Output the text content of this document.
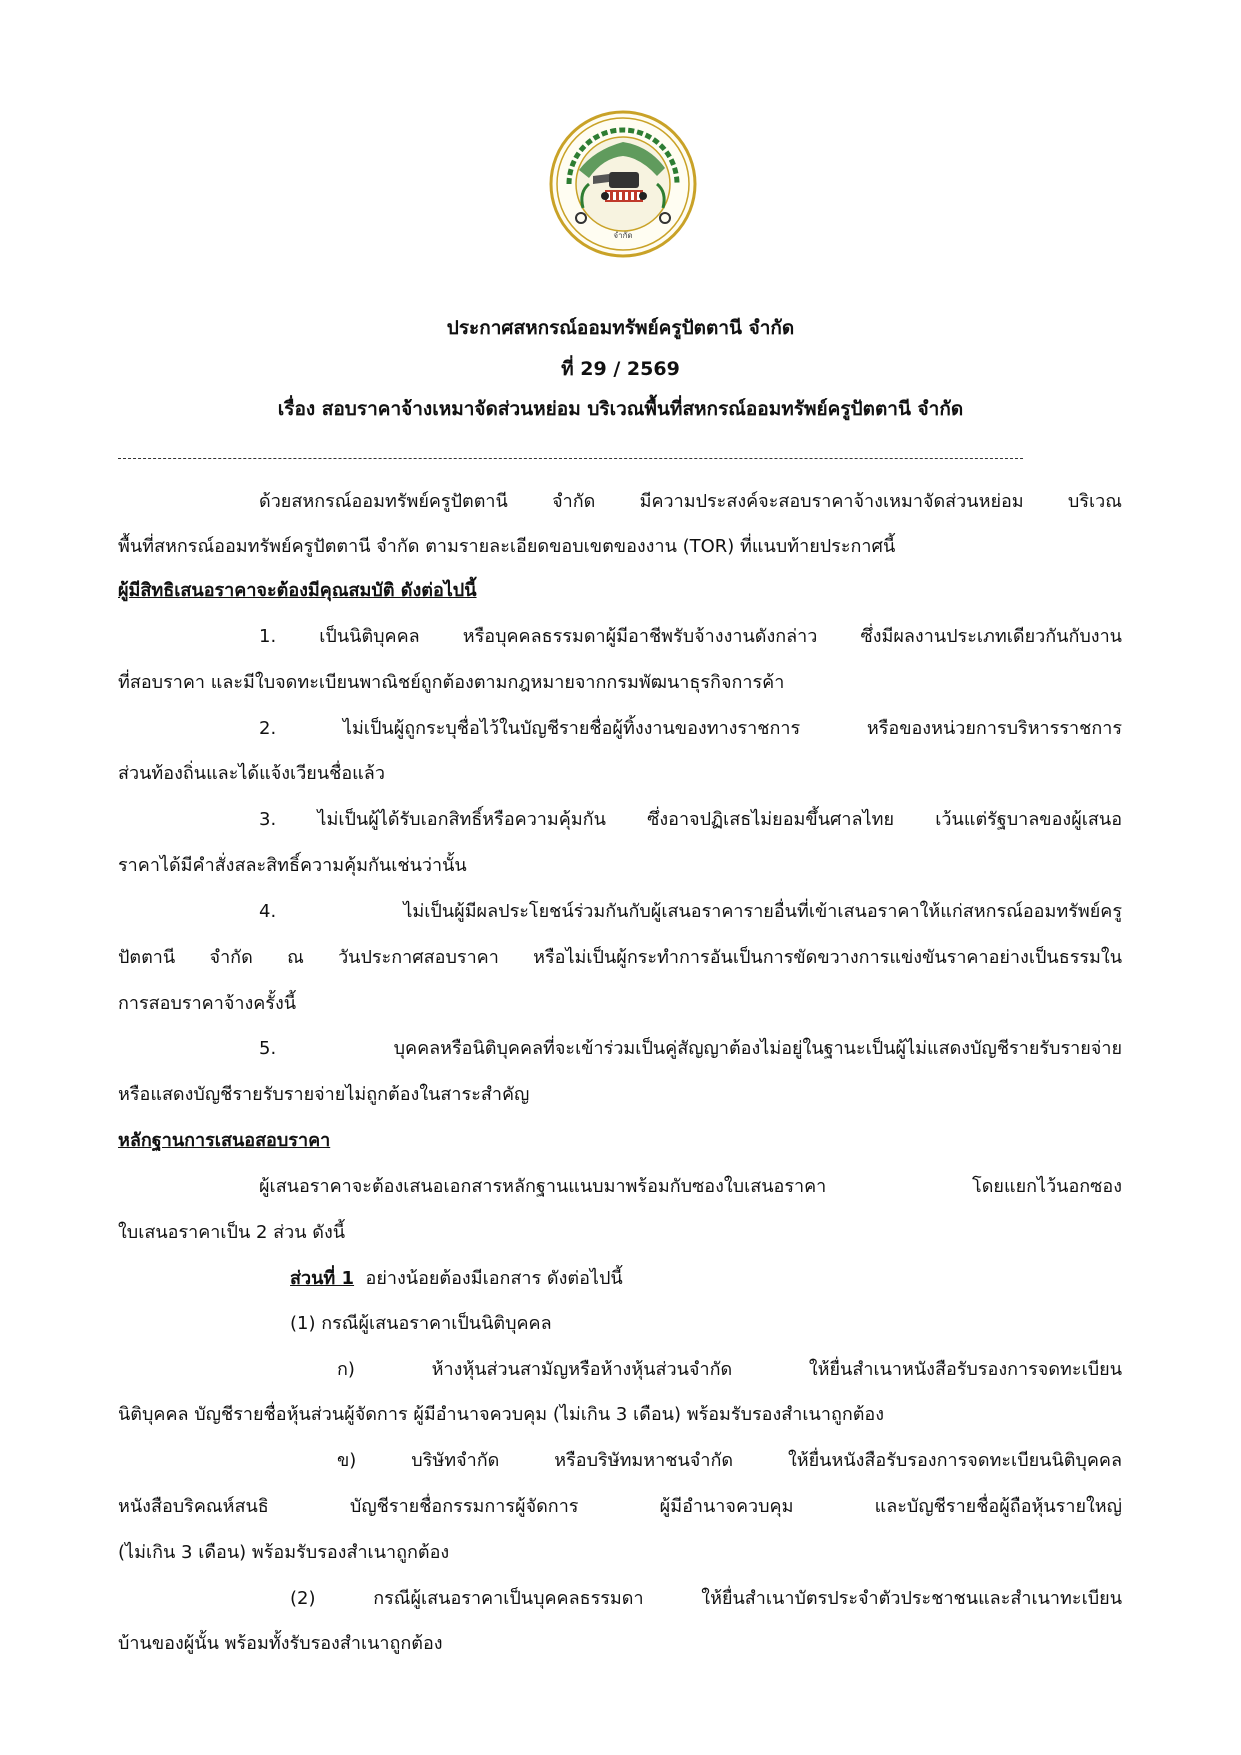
จำกัด
ประกาศสหกรณ์ออมทรัพย์ครูปัตตานี จำกัด
ที่ 29 / 2569
เรื่อง สอบราคาจ้างเหมาจัดส่วนหย่อม บริเวณพื้นที่สหกรณ์ออมทรัพย์ครูปัตตานี จำกัด
ด้วยสหกรณ์ออมทรัพย์ครูปัตตานี จำกัด มีความประสงค์จะสอบราคาจ้างเหมาจัดส่วนหย่อม บริเวณ
พื้นที่สหกรณ์ออมทรัพย์ครูปัตตานี จำกัด ตามรายละเอียดขอบเขตของงาน (TOR) ที่แนบท้ายประกาศนี้
ผู้มีสิทธิเสนอราคาจะต้องมีคุณสมบัติ ดังต่อไปนี้
1. เป็นนิติบุคคล หรือบุคคลธรรมดาผู้มีอาชีพรับจ้างงานดังกล่าว ซึ่งมีผลงานประเภทเดียวกันกับงาน
ที่สอบราคา และมีใบจดทะเบียนพาณิชย์ถูกต้องตามกฎหมายจากกรมพัฒนาธุรกิจการค้า
2. ไม่เป็นผู้ถูกระบุชื่อไว้ในบัญชีรายชื่อผู้ทิ้งงานของทางราชการ หรือของหน่วยการบริหารราชการ
ส่วนท้องถิ่นและได้แจ้งเวียนชื่อแล้ว
3. ไม่เป็นผู้ได้รับเอกสิทธิ์หรือความคุ้มกัน ซึ่งอาจปฏิเสธไม่ยอมขึ้นศาลไทย เว้นแต่รัฐบาลของผู้เสนอ
ราคาได้มีคำสั่งสละสิทธิ์ความคุ้มกันเช่นว่านั้น
4. ไม่เป็นผู้มีผลประโยชน์ร่วมกันกับผู้เสนอราคารายอื่นที่เข้าเสนอราคาให้แก่สหกรณ์ออมทรัพย์ครู
ปัตตานี จำกัด ณ วันประกาศสอบราคา หรือไม่เป็นผู้กระทำการอันเป็นการขัดขวางการแข่งขันราคาอย่างเป็นธรรมใน
การสอบราคาจ้างครั้งนี้
5. บุคคลหรือนิติบุคคลที่จะเข้าร่วมเป็นคู่สัญญาต้องไม่อยู่ในฐานะเป็นผู้ไม่แสดงบัญชีรายรับรายจ่าย
หรือแสดงบัญชีรายรับรายจ่ายไม่ถูกต้องในสาระสำคัญ
หลักฐานการเสนอสอบราคา
ผู้เสนอราคาจะต้องเสนอเอกสารหลักฐานแนบมาพร้อมกับซองใบเสนอราคา โดยแยกไว้นอกซอง
ใบเสนอราคาเป็น 2 ส่วน ดังนี้
ส่วนที่ 1 อย่างน้อยต้องมีเอกสาร ดังต่อไปนี้
(1) กรณีผู้เสนอราคาเป็นนิติบุคคล
ก) ห้างหุ้นส่วนสามัญหรือห้างหุ้นส่วนจำกัด ให้ยื่นสำเนาหนังสือรับรองการจดทะเบียน
นิติบุคคล บัญชีรายชื่อหุ้นส่วนผู้จัดการ ผู้มีอำนาจควบคุม (ไม่เกิน 3 เดือน) พร้อมรับรองสำเนาถูกต้อง
ข) บริษัทจำกัด หรือบริษัทมหาชนจำกัด ให้ยื่นหนังสือรับรองการจดทะเบียนนิติบุคคล
หนังสือบริคณห์สนธิ บัญชีรายชื่อกรรมการผู้จัดการ ผู้มีอำนาจควบคุม และบัญชีรายชื่อผู้ถือหุ้นรายใหญ่
(ไม่เกิน 3 เดือน) พร้อมรับรองสำเนาถูกต้อง
(2) กรณีผู้เสนอราคาเป็นบุคคลธรรมดา ให้ยื่นสำเนาบัตรประจำตัวประชาชนและสำเนาทะเบียน
บ้านของผู้นั้น พร้อมทั้งรับรองสำเนาถูกต้อง
